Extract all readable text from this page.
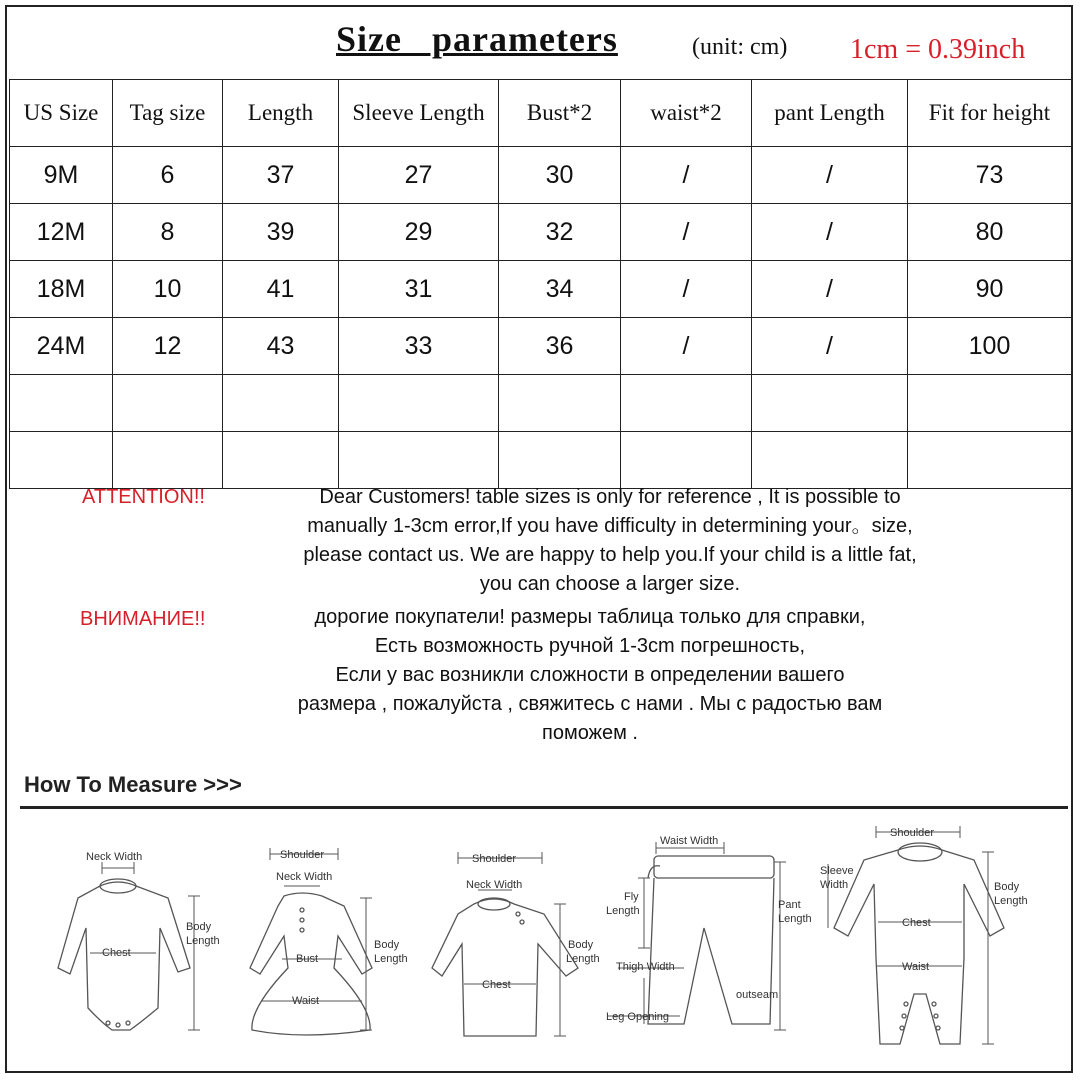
Size   parameters	(unit: cm) 1cm = 0.39inch
US Size	Tag size	Length	Sleeve Length	Bust*2	waist*2	pant Length	Fit for height
9M	6	37	27	30	/	/	73
12M	8	39	29	32	/	/	80
18M	10	41	31	34	/	/	90
24M	12	43	33	36	/	/	100

ATTENTION!!	Dear Customers! table sizes is only for reference , It is possible to
manually 1-3cm error,If you have difficulty in determining your。size,
please contact us. We are happy to help you.If your child is a little fat,
you can choose a larger size.
ВНИМАНИЕ!!	дорогие покупатели! размеры таблица только для справки,
Есть возможность ручной 1-3cm погрешность,
Если у вас возникли сложности в определении вашего
размера , пожалуйста , свяжитесь с нами . Мы с радостью вам
поможем .
How To Measure >>>
Neck Width
Chest
Body
Length
Shoulder
Neck Width
Bust
Waist
Body
Length
Shoulder
Neck Width
Chest
Body
Length
Waist Width
Fly
Length	Pant
Length
Thigh Width
outseam
Leg Opening
Shoulder
Sleeve
Width
Chest
Waist
Body
Length
